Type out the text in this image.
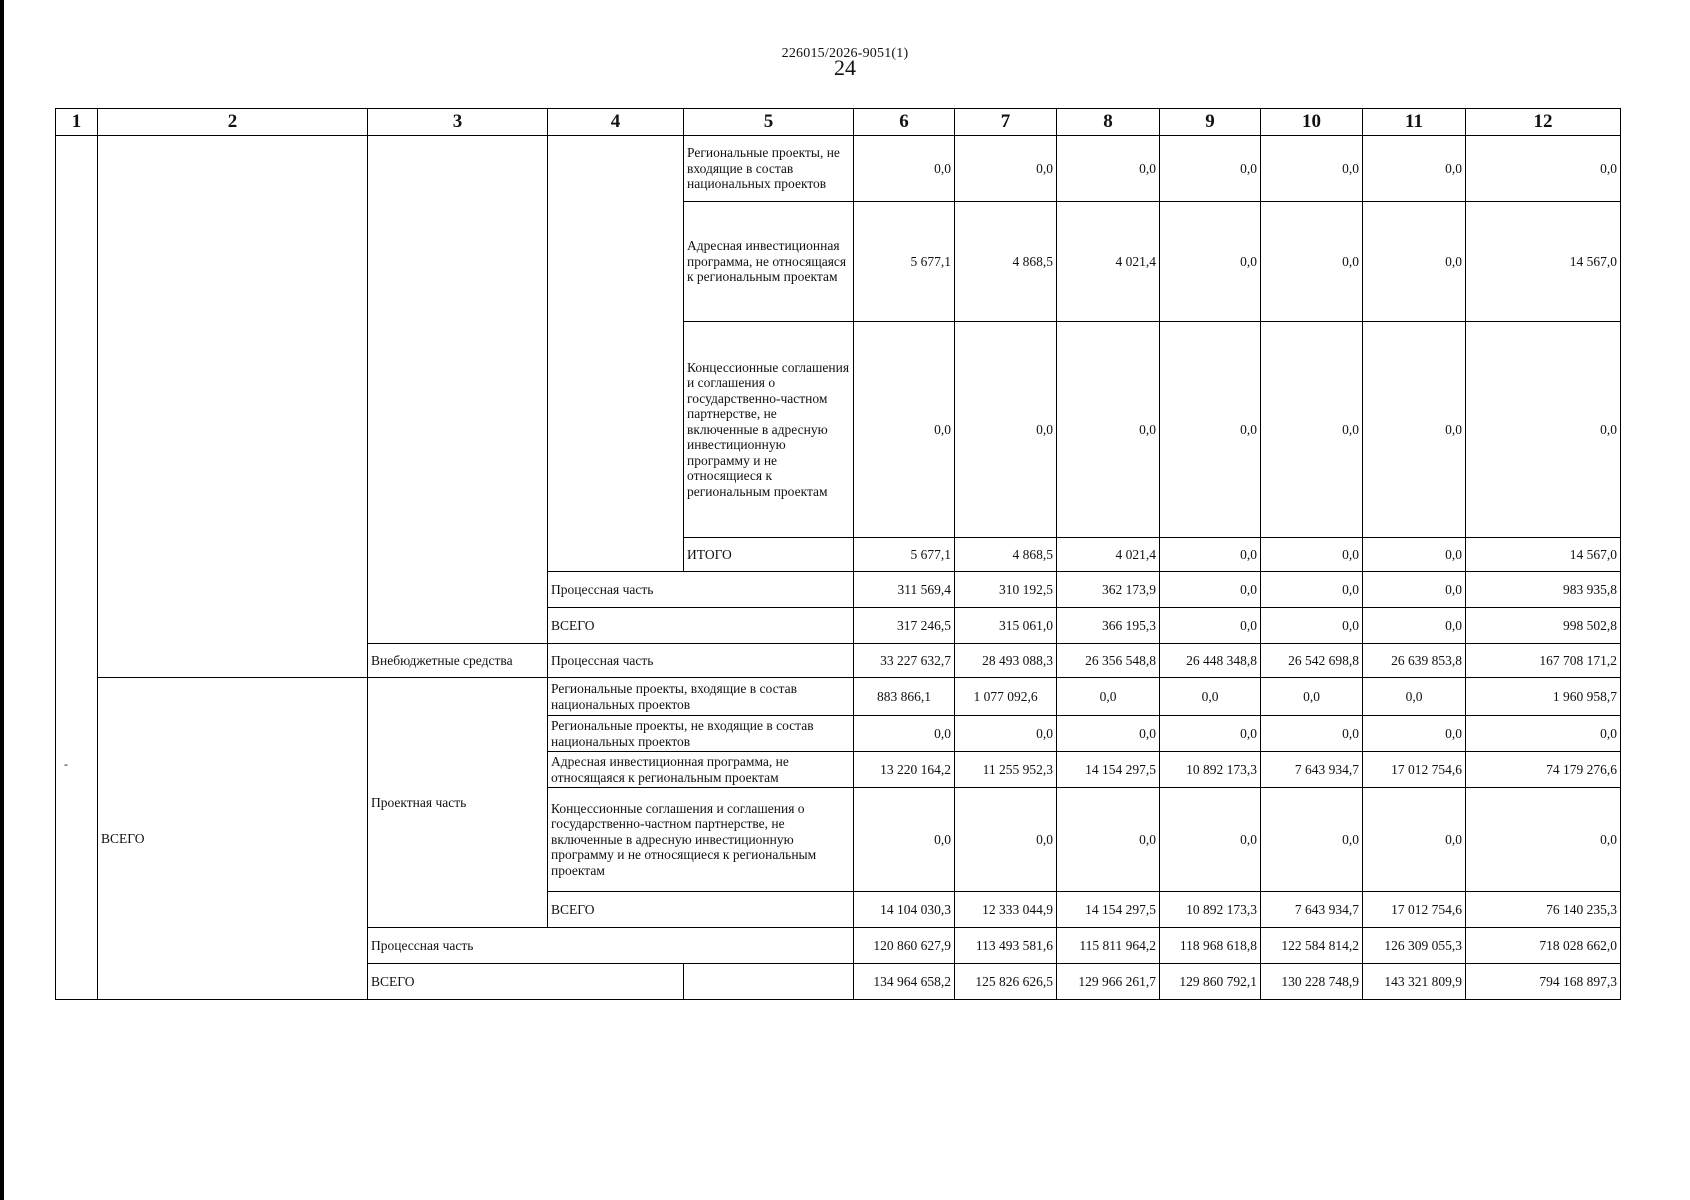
226015/2026-9051(1)
24
-
1	2	3	4	5	6	7	8	9	10	11	12
				Региональные проекты, не входящие в состав национальных проектов	0,0	0,0	0,0	0,0	0,0	0,0	0,0
				Адресная инвестиционная программа, не относящаяся к региональным проектам	5 677,1	4 868,5	4 021,4	0,0	0,0	0,0	14 567,0
				Концессионные соглашения и соглашения о государственно-частном партнерстве, не включенные в адресную инвестиционную программу и не относящиеся к региональным проектам	0,0	0,0	0,0	0,0	0,0	0,0	0,0
				ИТОГО	5 677,1	4 868,5	4 021,4	0,0	0,0	0,0	14 567,0
			Процессная часть		311 569,4	310 192,5	362 173,9	0,0	0,0	0,0	983 935,8
			ВСЕГО		317 246,5	315 061,0	366 195,3	0,0	0,0	0,0	998 502,8
		Внебюджетные средства	Процессная часть		33 227 632,7	28 493 088,3	26 356 548,8	26 448 348,8	26 542 698,8	26 639 853,8	167 708 171,2
	ВСЕГО	Проектная часть	Региональные проекты, входящие в состав национальных проектов		883 866,1	1 077 092,6	0,0	0,0	0,0	0,0	1 960 958,7
			Региональные проекты, не входящие в состав национальных проектов		0,0	0,0	0,0	0,0	0,0	0,0	0,0
			Адресная инвестиционная программа, не относящаяся к региональным проектам		13 220 164,2	11 255 952,3	14 154 297,5	10 892 173,3	7 643 934,7	17 012 754,6	74 179 276,6
			Концессионные соглашения и соглашения о государственно-частном партнерстве, не включенные в адресную инвестиционную программу и не относящиеся к региональным проектам		0,0	0,0	0,0	0,0	0,0	0,0	0,0
			ВСЕГО		14 104 030,3	12 333 044,9	14 154 297,5	10 892 173,3	7 643 934,7	17 012 754,6	76 140 235,3
		Процессная часть			120 860 627,9	113 493 581,6	115 811 964,2	118 968 618,8	122 584 814,2	126 309 055,3	718 028 662,0
		ВСЕГО			134 964 658,2	125 826 626,5	129 966 261,7	129 860 792,1	130 228 748,9	143 321 809,9	794 168 897,3
